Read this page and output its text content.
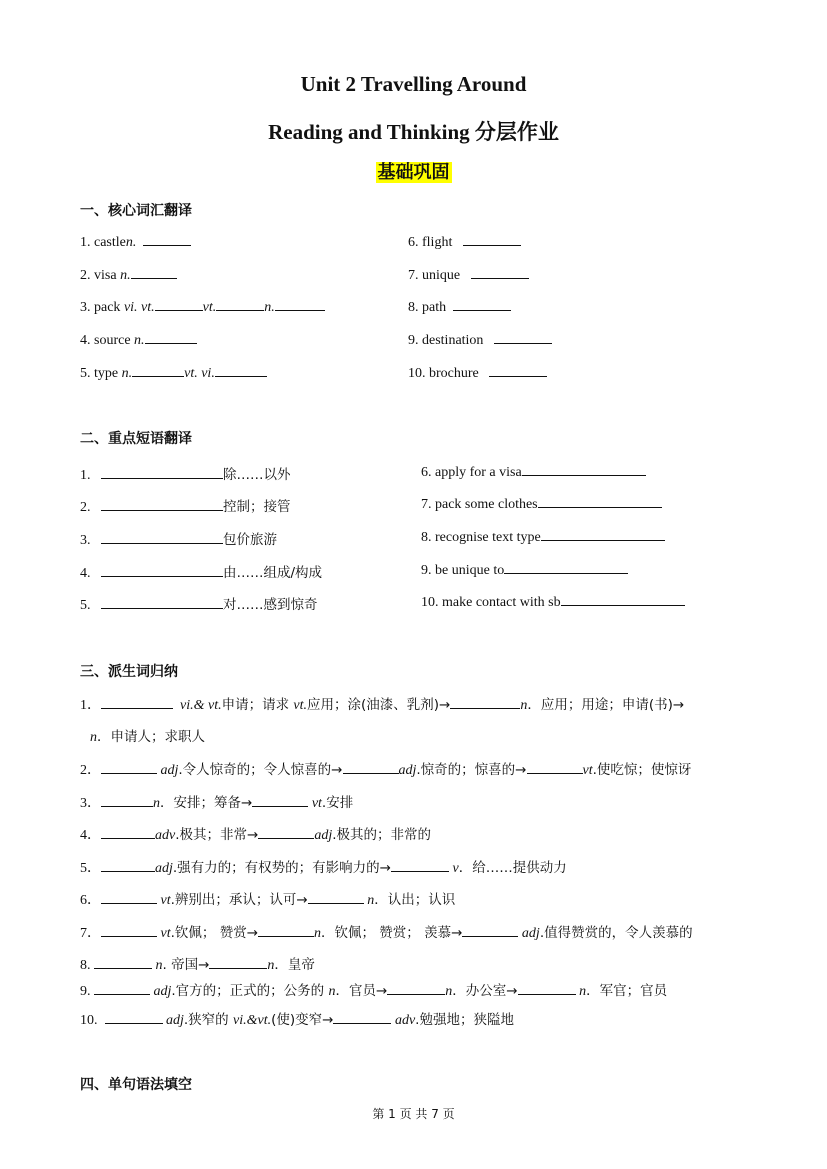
Unit 2 Travelling Around
Reading and Thinking 分层作业
基础巩固
一、核心词汇翻译
1. castlen.
2. visa n.
3. pack vi. vt.	vt.	n.
4. source n.
5. type n.	vt. vi.
6. flight
7. unique
8. path
9. destination
10. brochure
二、重点短语翻译
1.	除……以外
2.	控制；接管
3.	包价旅游
4.	由……组成/构成
5.	对……感到惊奇
6. apply for a visa
7. pack some clothes
8. recognise text type
9. be unique to
10. make contact with sb
三、派生词归纳
1．	vi.& vt.申请；请求 vt.应用；涂(油漆、乳剂)→	n．应用；用途；申请(书)→
n．申请人；求职人
2．	adj.令人惊奇的；令人惊喜的→	adj.惊奇的；惊喜的→	vt.使吃惊；使惊讶
3．	n．安排；筹备→	vt.安排
4．	adv.极其；非常→	adj.极其的；非常的
5．	adj.强有力的；有权势的；有影响力的→	v．给……提供动力
6．	vt.辨别出；承认；认可→	n．认出；认识
7．	vt.钦佩； 赞赏→	n．钦佩； 赞赏； 羡慕→	adj.值得赞赏的，令人羡慕的
8.	n. 帝国→	n．皇帝
9.	adj.官方的；正式的；公务的 n．官员→	n．办公室→	n．军官；官员
10.	adj.狭窄的 vi.&vt.(使)变窄→	adv.勉强地；狭隘地
四、单句语法填空
第 1 页 共 7 页
